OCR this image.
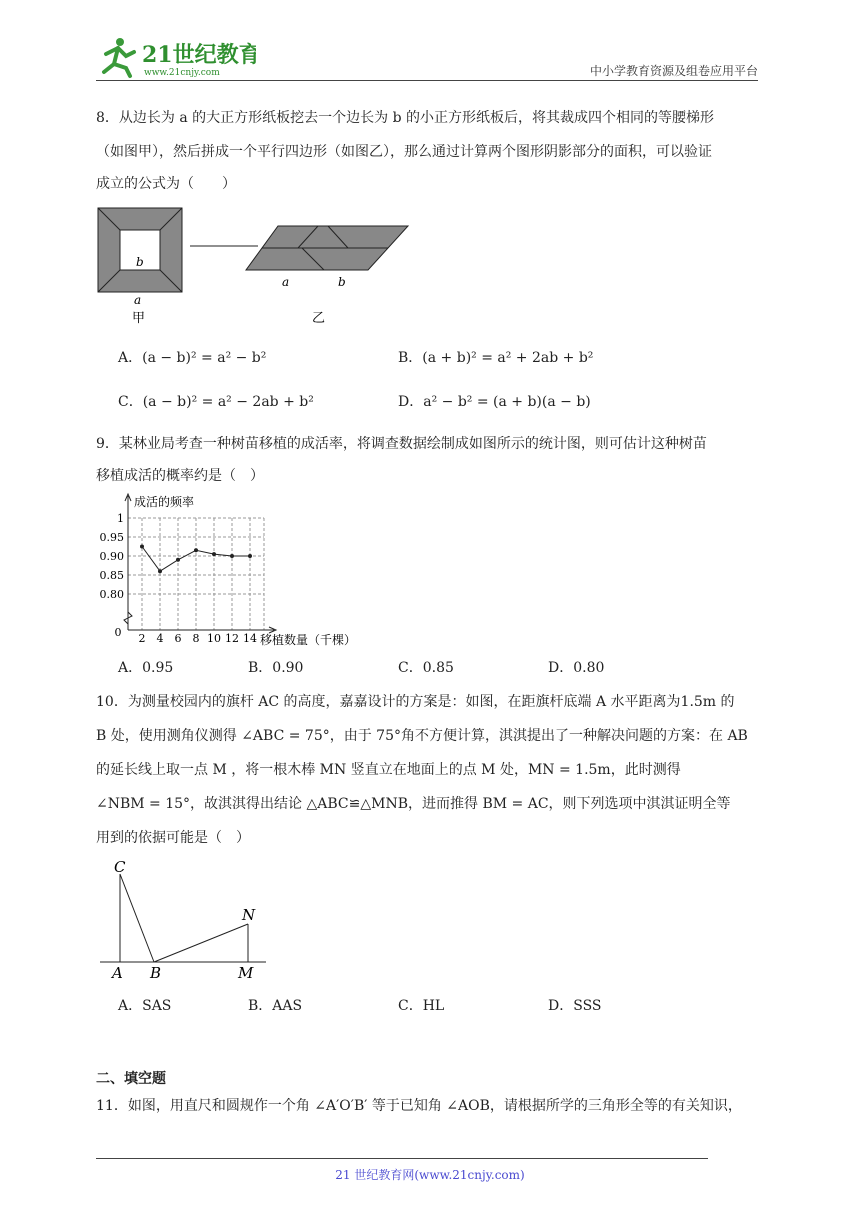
21世纪教育
www.21cnjy.com	中小学教育资源及组卷应用平台
8．从边长为 a 的大正方形纸板挖去一个边长为 b 的小正方形纸板后，将其裁成四个相同的等腰梯形
（如图甲），然后拼成一个平行四边形（如图乙），那么通过计算两个图形阴影部分的面积，可以验证
成立的公式为（　　）
b
a
甲
a	b
乙
A．(a − b)² = a² − b²	B．(a + b)² = a² + 2ab + b²
C．(a − b)² = a² − 2ab + b²	D．a² − b² = (a + b)(a − b)
9．某林业局考查一种树苗移植的成活率，将调查数据绘制成如图所示的统计图，则可估计这种树苗
移植成活的概率约是（　）
0.80
0.85
0.90
0.95
1
2 4 6 8 10 12 14
0
成活的频率
移植数量（千棵）
A．0.95	B．0.90	C．0.85	D．0.80
10．为测量校园内的旗杆 AC 的高度，嘉嘉设计的方案是：如图，在距旗杆底端 A 水平距离为1.5m 的
B 处，使用测角仪测得 ∠ABC = 75°，由于 75°角不方便计算，淇淇提出了一种解决问题的方案：在 AB
的延长线上取一点 M ，将一根木棒 MN 竖直立在地面上的点 M 处，MN = 1.5m，此时测得
∠NBM = 15°，故淇淇得出结论 △ABC≌△MNB，进而推得 BM = AC，则下列选项中淇淇证明全等
用到的依据可能是（　）
C
A B
N
M
A．SAS	B．AAS	C．HL	D．SSS
二、填空题
11．如图，用直尺和圆规作一个角 ∠A′O′B′ 等于已知角 ∠AOB，请根据所学的三角形全等的有关知识，
21 世纪教育网(www.21cnjy.com)
